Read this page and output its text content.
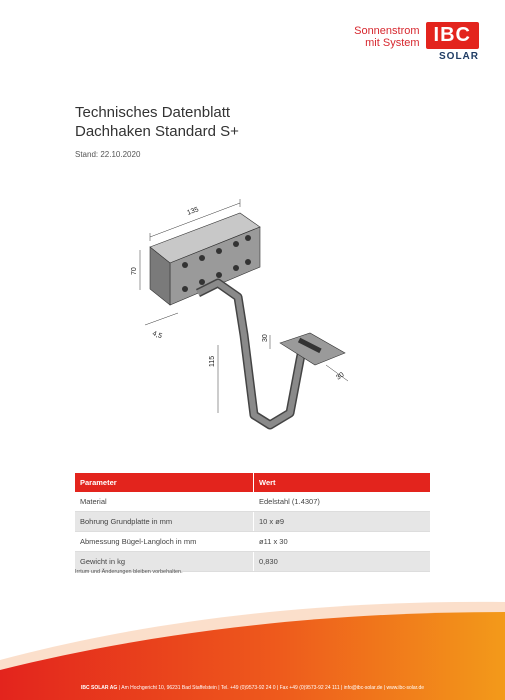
Sonnenstrom
mit System IBC
SOLAR
Technisches Datenblatt
Dachhaken Standard S+
Stand: 22.10.2020
135
70
4,5
115
30
30
Parameter	Wert
Material	Edelstahl (1.4307)
Bohrung Grundplatte in mm	10 x ø9
Abmessung Bügel-Langloch in mm	ø11 x 30
Gewicht in kg	0,830
Irrtum und Änderungen bleiben vorbehalten.
IBC SOLAR AG | Am Hochgericht 10, 96231 Bad Staffelstein | Tel. +49 (0)9573-92 24 0 | Fax +49 (0)9573-92 24 111 | info@ibc-solar.de | www.ibc-solar.de
